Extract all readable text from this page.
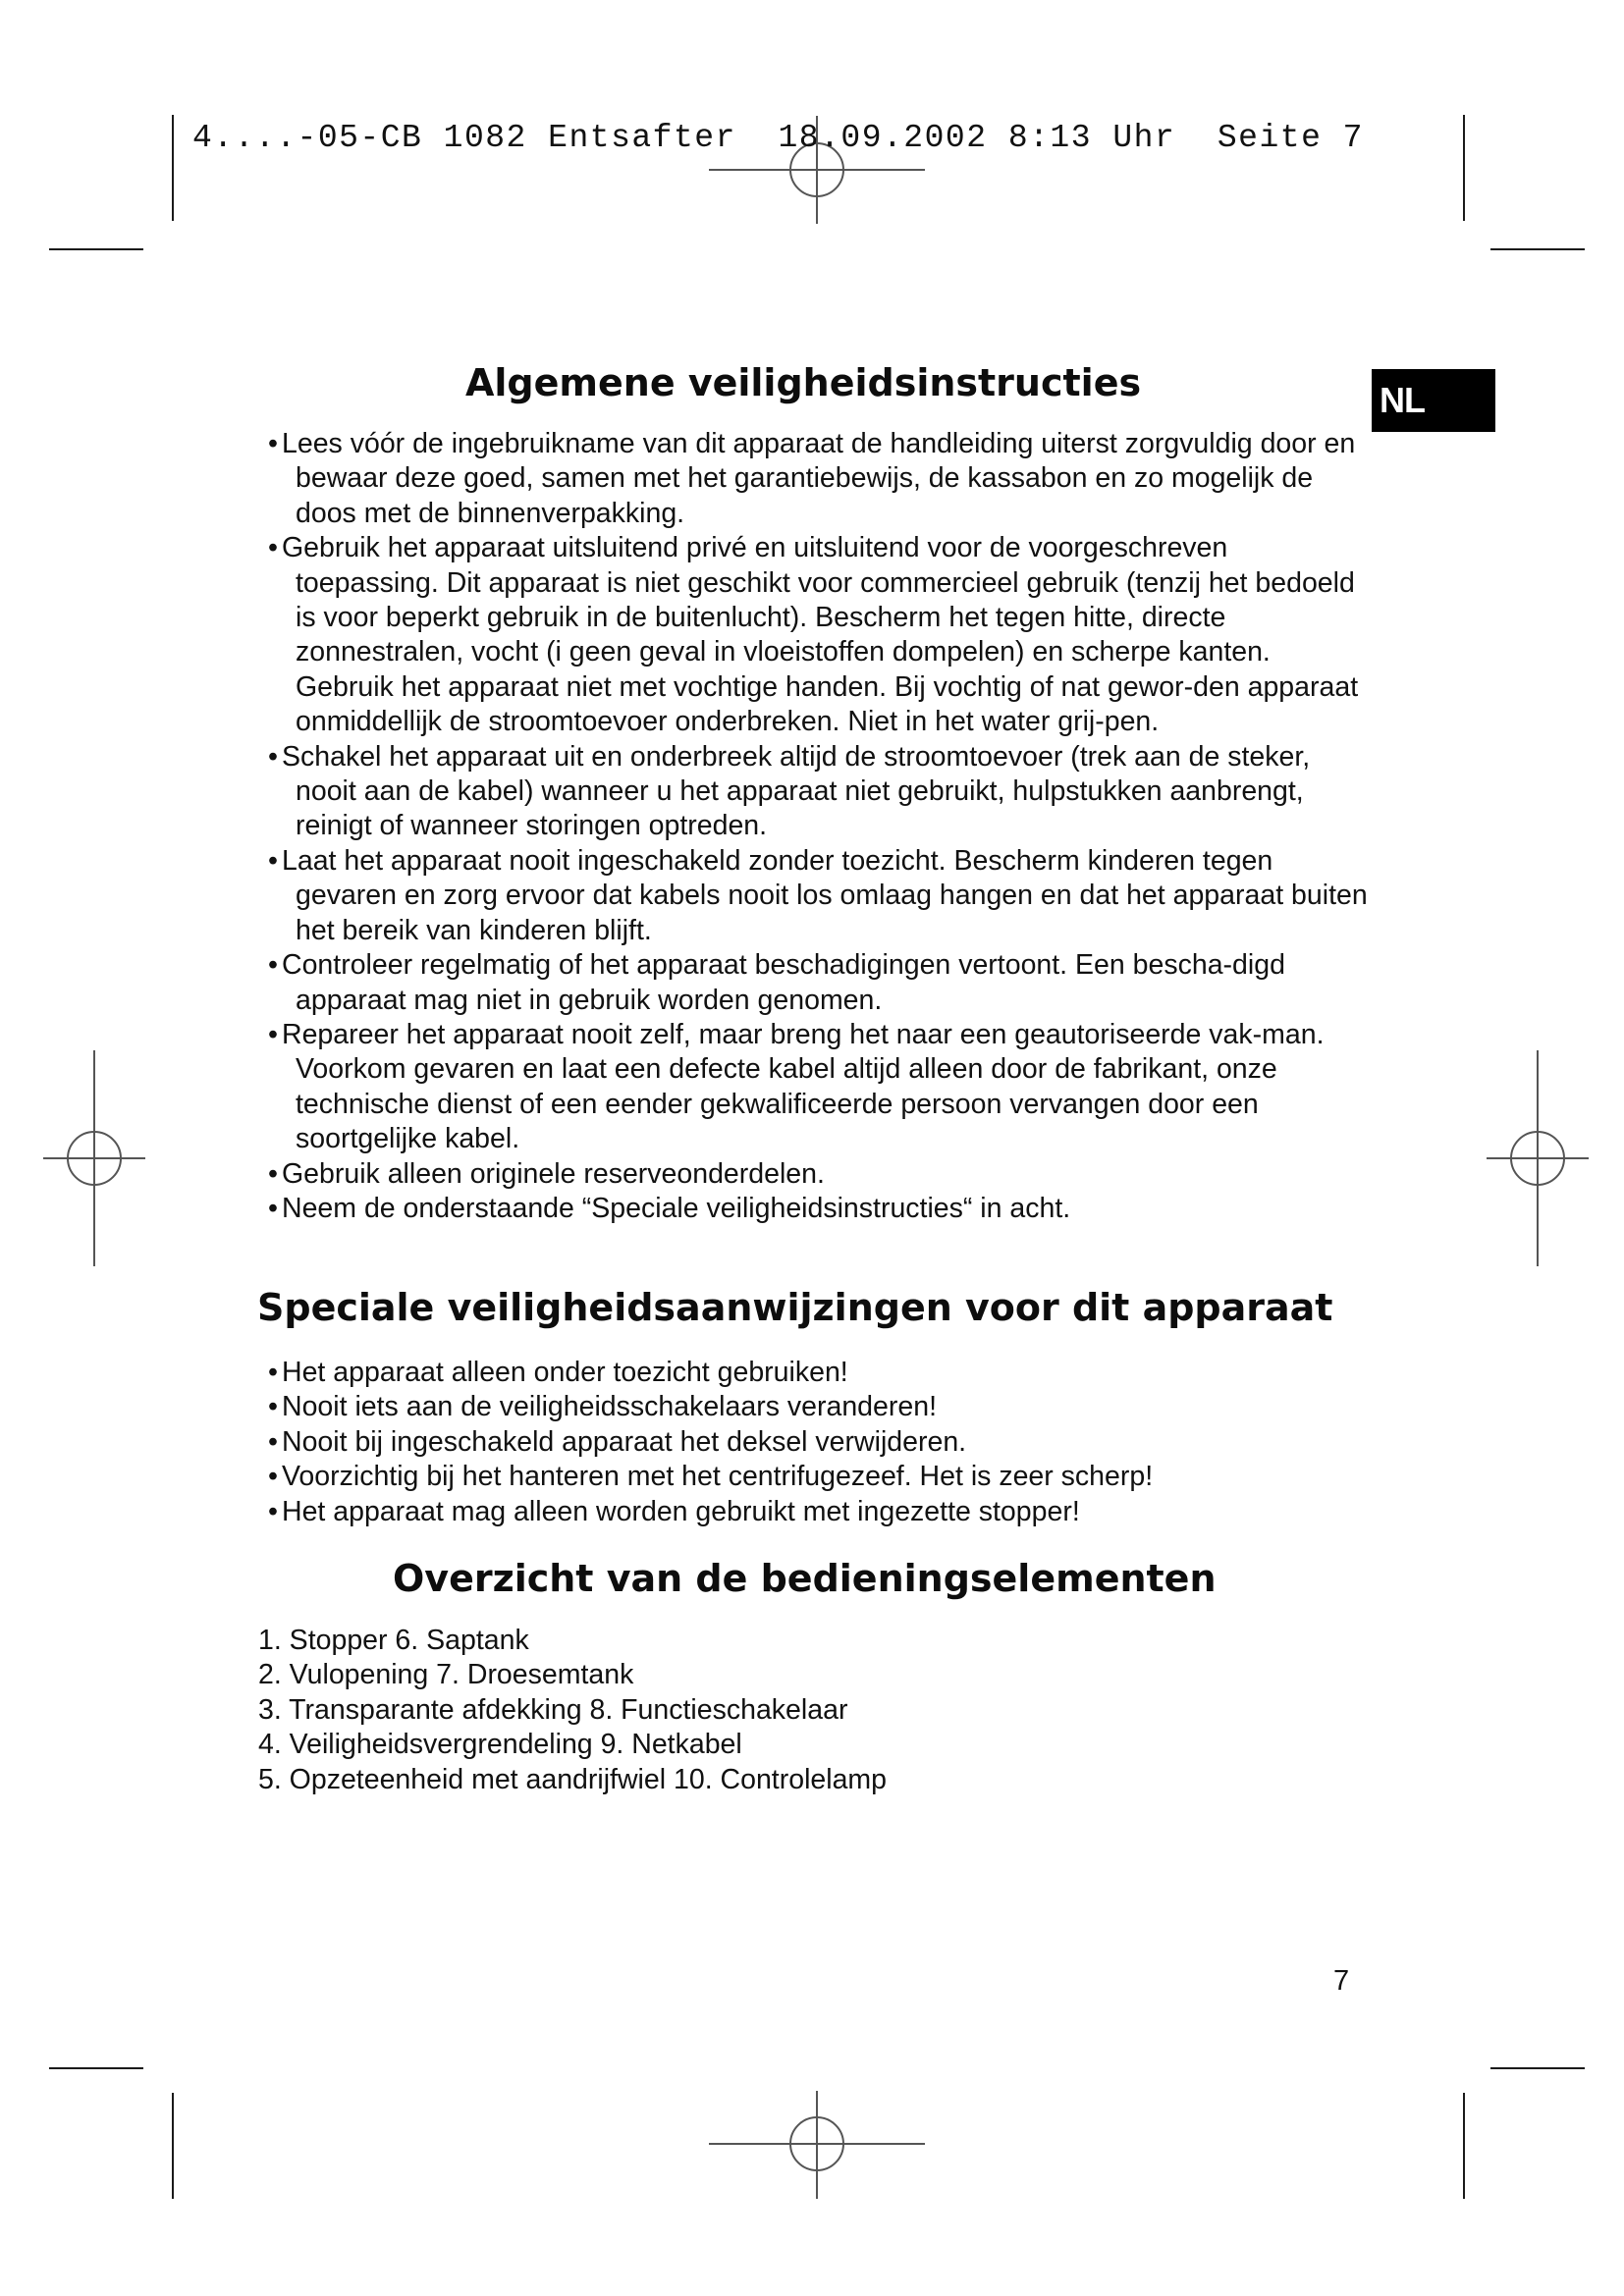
4....-05-CB 1082 Entsafter  18.09.2002 8:13 Uhr  Seite 7
NL
Algemene veiligheidsinstructies
• Lees vóór de ingebruikname van dit apparaat de handleiding uiterst zorgvuldig door en bewaar deze goed, samen met het garantiebewijs, de kassabon en zo mogelijk de doos met de binnenverpakking.
• Gebruik het apparaat uitsluitend privé en uitsluitend voor de voorgeschreven toepassing. Dit apparaat is niet geschikt voor commercieel gebruik (tenzij het bedoeld is voor beperkt gebruik in de buitenlucht). Bescherm het tegen hitte, directe zonnestralen, vocht (i geen geval in vloeistoffen dompelen) en scherpe kanten. Gebruik het apparaat niet met vochtige handen. Bij vochtig of nat gewor-den apparaat onmiddellijk de stroomtoevoer onderbreken. Niet in het water grij-pen.
• Schakel het apparaat uit en onderbreek altijd de stroomtoevoer (trek aan de steker, nooit aan de kabel) wanneer u het apparaat niet gebruikt, hulpstukken aanbrengt, reinigt of wanneer storingen optreden.
• Laat het apparaat nooit ingeschakeld zonder toezicht. Bescherm kinderen tegen gevaren en zorg ervoor dat kabels nooit los omlaag hangen en dat het apparaat buiten het bereik van kinderen blijft.
• Controleer regelmatig of het apparaat beschadigingen vertoont. Een bescha-digd apparaat mag niet in gebruik worden genomen.
• Repareer het apparaat nooit zelf, maar breng het naar een geautoriseerde vak-man. Voorkom gevaren en laat een defecte kabel altijd alleen door de fabrikant, onze technische dienst of een eender gekwalificeerde persoon vervangen door een soortgelijke kabel.
• Gebruik alleen originele reserveonderdelen.
• Neem de onderstaande “Speciale veiligheidsinstructies“ in acht.
Speciale veiligheidsaanwijzingen voor dit apparaat
• Het apparaat alleen onder toezicht gebruiken!
• Nooit iets aan de veiligheidsschakelaars veranderen!
• Nooit bij ingeschakeld apparaat het deksel verwijderen.
• Voorzichtig bij het hanteren met het centrifugezeef. Het is zeer scherp!
• Het apparaat mag alleen worden gebruikt met ingezette stopper!
Overzicht van de bedieningselementen
1. Stopper 6. Saptank
2. Vulopening 7. Droesemtank
3. Transparante afdekking 8. Functieschakelaar
4. Veiligheidsvergrendeling 9. Netkabel
5. Opzeteenheid met aandrijfwiel 10. Controlelamp
7
